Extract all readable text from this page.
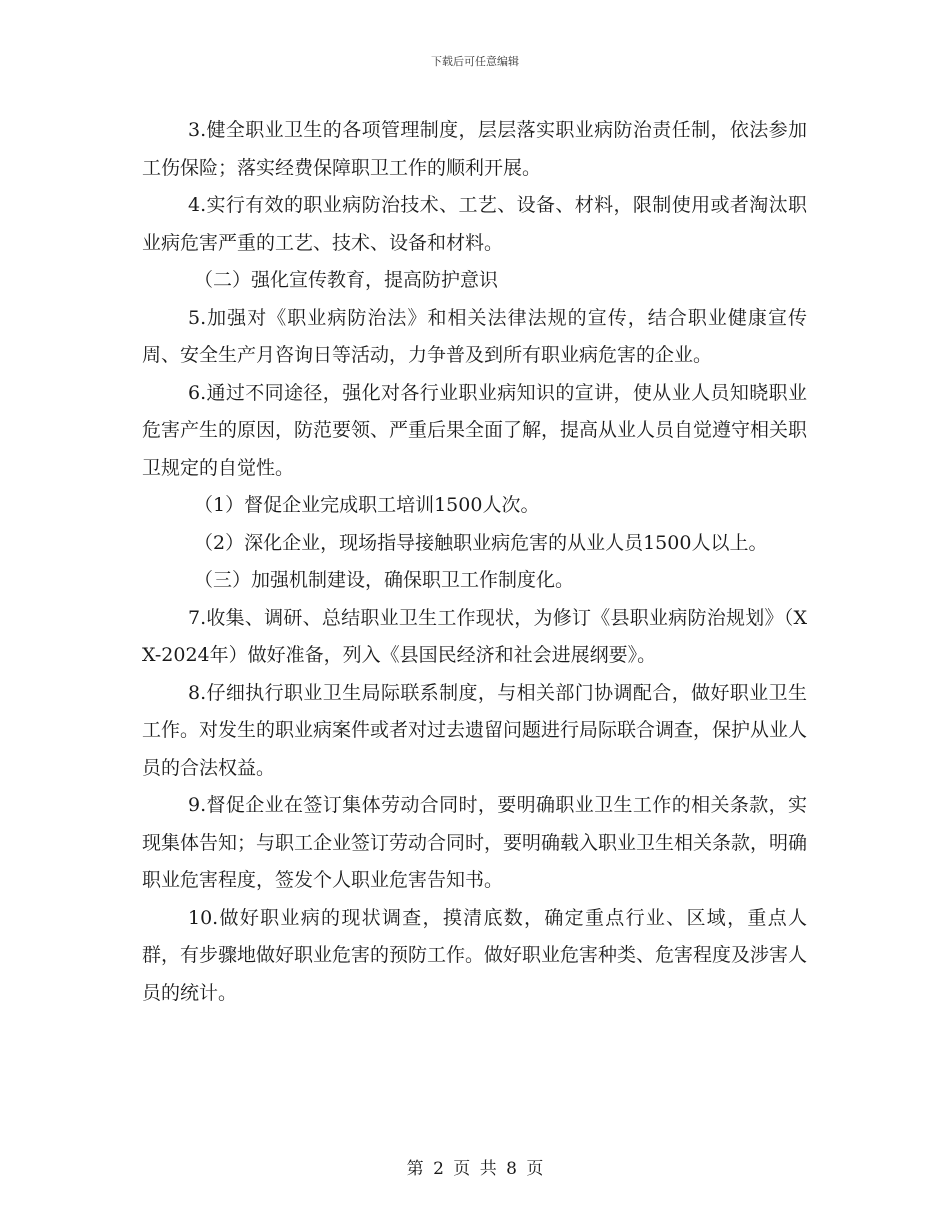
下载后可任意编辑

3.健全职业卫生的各项管理制度，层层落实职业病防治责任制，依法参加工伤保险；落实经费保障职卫工作的顺利开展。

4.实行有效的职业病防治技术、工艺、设备、材料，限制使用或者淘汰职业病危害严重的工艺、技术、设备和材料。

（二）强化宣传教育，提高防护意识

5.加强对《职业病防治法》和相关法律法规的宣传，结合职业健康宣传周、安全生产月咨询日等活动，力争普及到所有职业病危害的企业。

6.通过不同途径，强化对各行业职业病知识的宣讲，使从业人员知晓职业危害产生的原因，防范要领、严重后果全面了解，提高从业人员自觉遵守相关职卫规定的自觉性。

（1）督促企业完成职工培训1500人次。

（2）深化企业，现场指导接触职业病危害的从业人员1500人以上。

（三）加强机制建设，确保职卫工作制度化。

7.收集、调研、总结职业卫生工作现状，为修订《县职业病防治规划》（XX-2024年）做好准备，列入《县国民经济和社会进展纲要》。

8.仔细执行职业卫生局际联系制度，与相关部门协调配合，做好职业卫生工作。对发生的职业病案件或者对过去遗留问题进行局际联合调查，保护从业人员的合法权益。

9.督促企业在签订集体劳动合同时，要明确职业卫生工作的相关条款，实现集体告知；与职工企业签订劳动合同时，要明确载入职业卫生相关条款，明确职业危害程度，签发个人职业危害告知书。

10.做好职业病的现状调查，摸清底数，确定重点行业、区域，重点人群，有步骤地做好职业危害的预防工作。做好职业危害种类、危害程度及涉害人员的统计。

第 2 页 共 8 页
